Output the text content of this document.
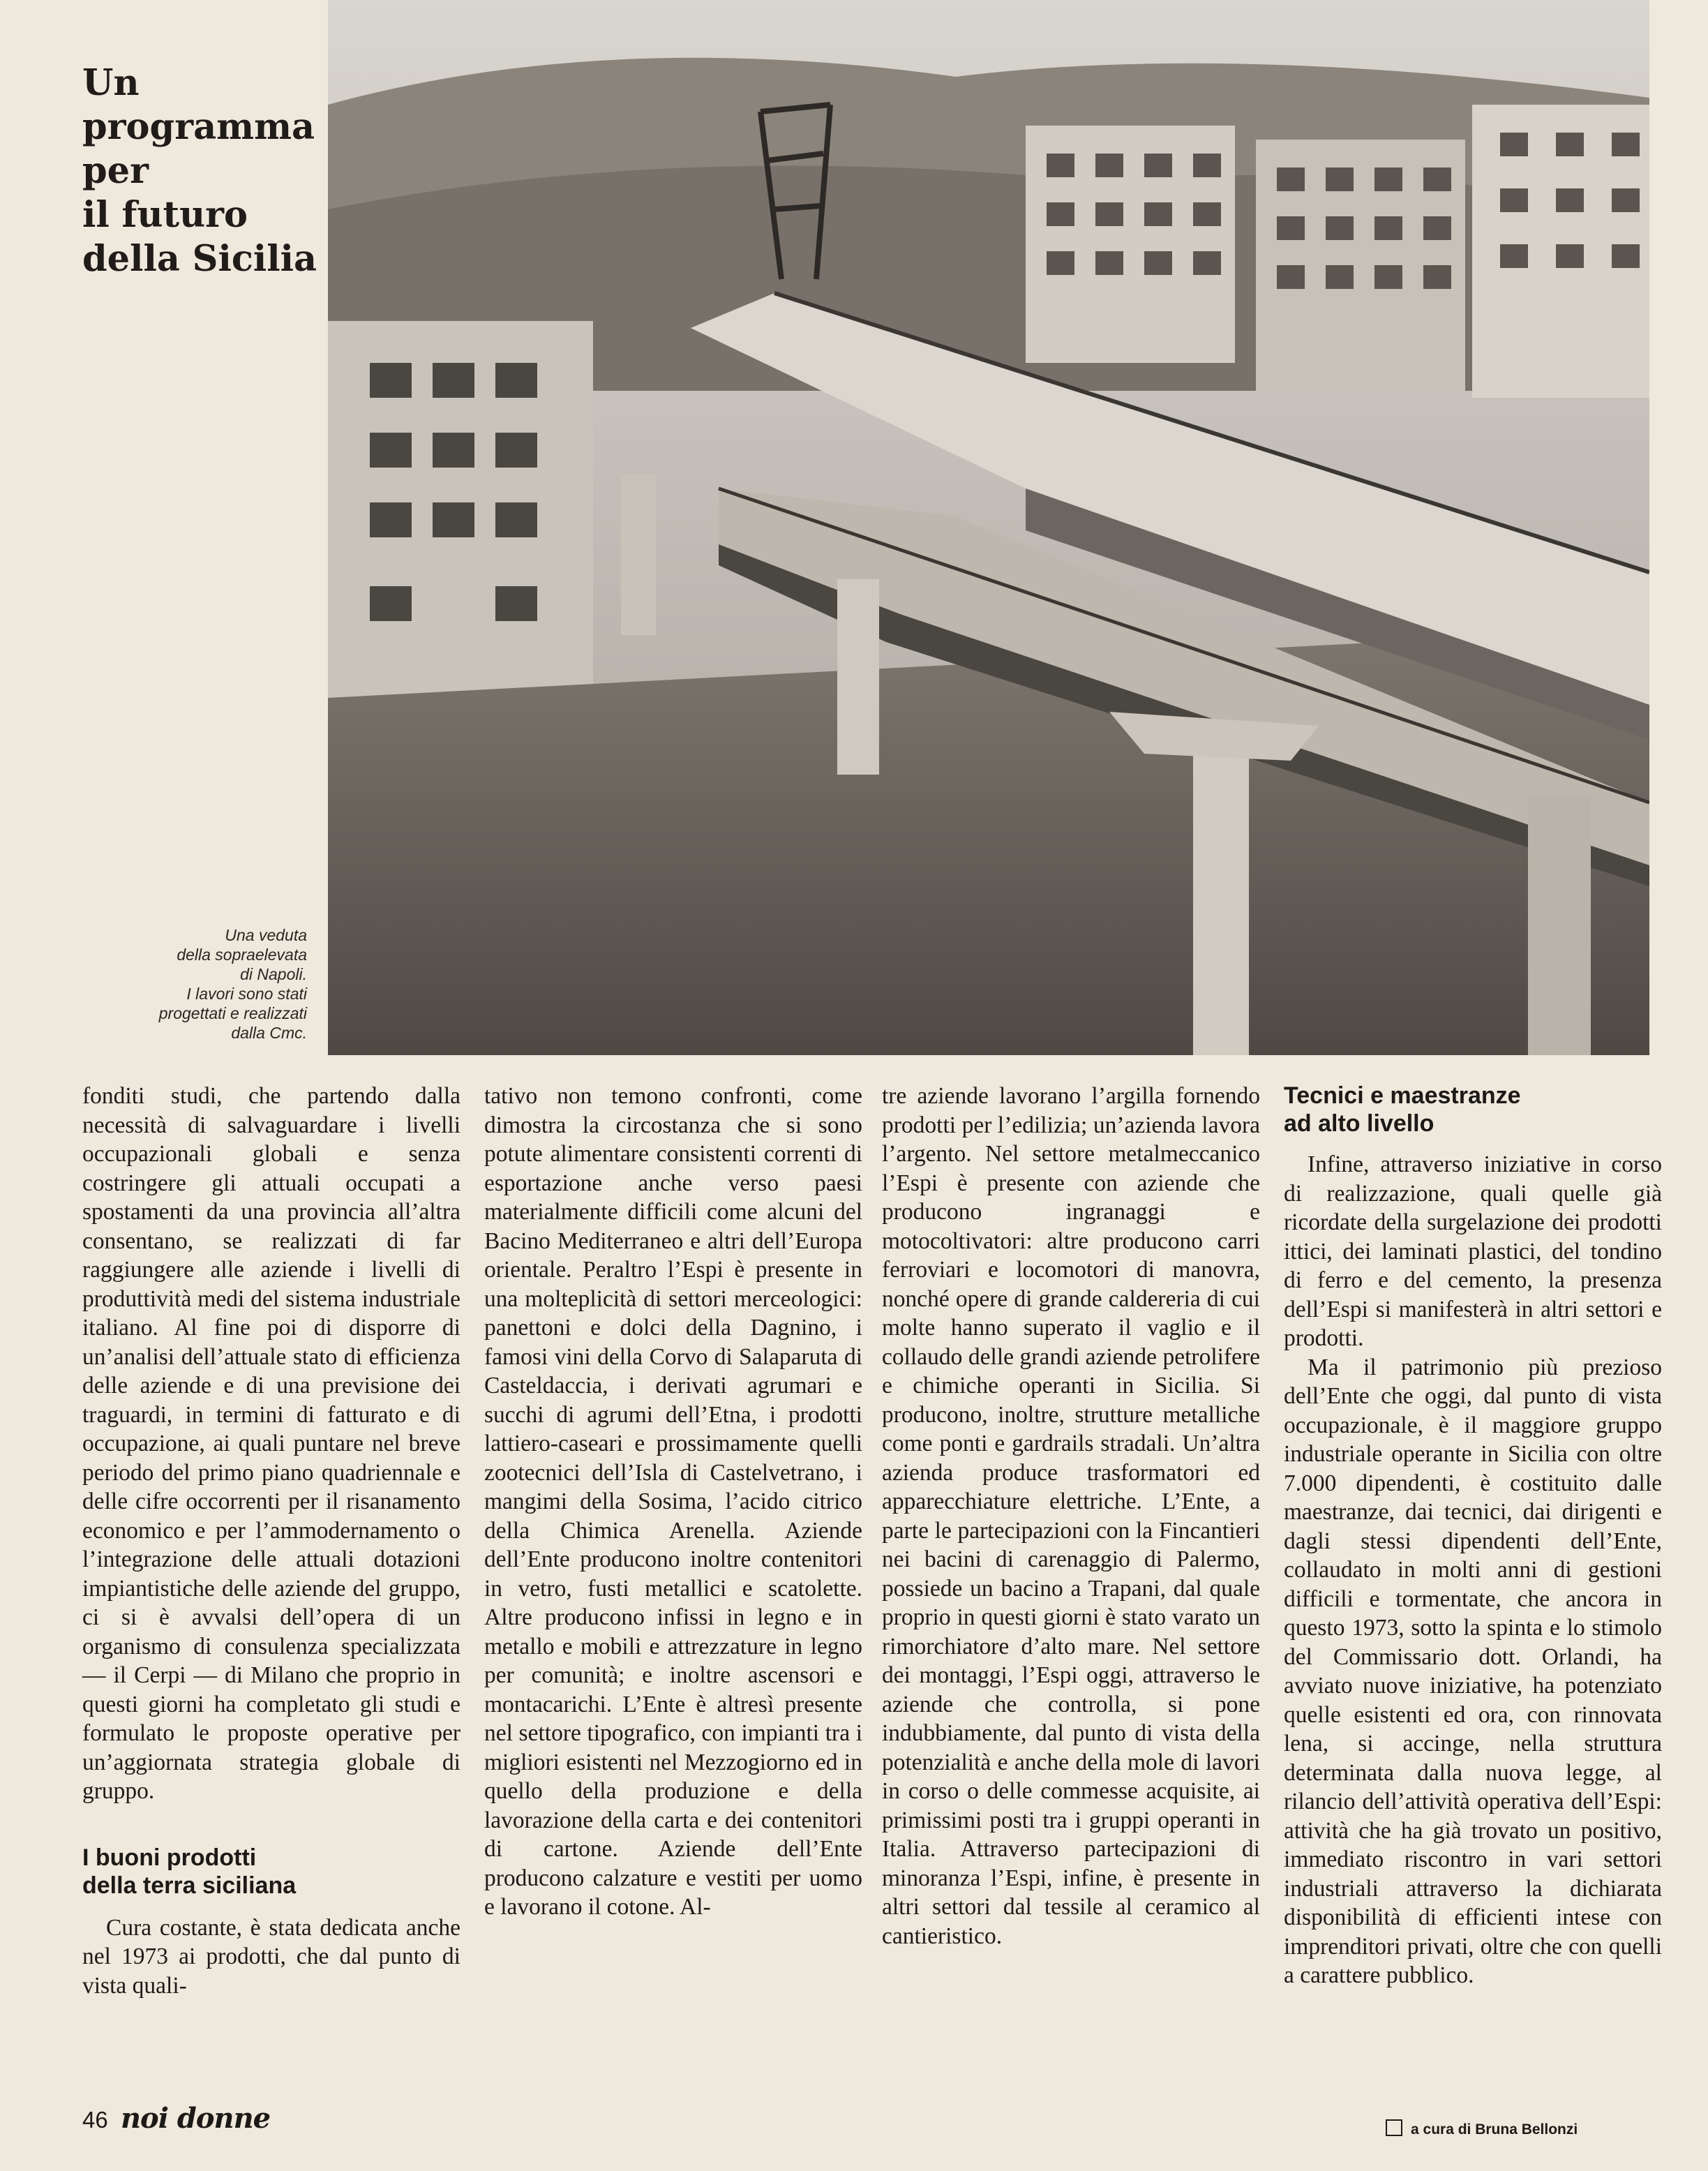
Un
programma
per
il futuro
della Sicilia
Una veduta
della sopraelevata
di Napoli.
I lavori sono stati
progettati e realizzati
dalla Cmc.

fonditi studi, che partendo dalla necessità di salvaguardare i livelli occupazionali globali e senza costringere gli attuali occupati a spostamenti da una provincia all’altra consentano, se realizzati di far raggiungere alle aziende i livelli di produttività medi del sistema industriale italiano. Al fine poi di disporre di un’analisi dell’attuale stato di efficienza delle aziende e di una previsione dei traguardi, in termini di fatturato e di occupazione, ai quali puntare nel breve periodo del primo piano quadriennale e delle cifre occorrenti per il risanamento economico e per l’ammodernamento o l’integrazione delle attuali dotazioni impiantistiche delle aziende del gruppo, ci si è avvalsi dell’opera di un organismo di consulenza specializzata — il Cerpi — di Milano che proprio in questi giorni ha completato gli studi e formulato le proposte operative per un’aggiornata strategia globale di gruppo.

I buoni prodotti
della terra siciliana

Cura costante, è stata dedicata anche nel 1973 ai prodotti, che dal punto di vista quali-

tativo non temono confronti, come dimostra la circostanza che si sono potute alimentare consistenti correnti di esportazione anche verso paesi materialmente difficili come alcuni del Bacino Mediterraneo e altri dell’Europa orientale. Peraltro l’Espi è presente in una molteplicità di settori merceologici: panettoni e dolci della Dagnino, i famosi vini della Corvo di Salaparuta di Casteldaccia, i derivati agrumari e succhi di agrumi dell’Etna, i prodotti lattiero-caseari e prossimamente quelli zootecnici dell’Isla di Castelvetrano, i mangimi della Sosima, l’acido citrico della Chimica Arenella. Aziende dell’Ente producono inoltre contenitori in vetro, fusti metallici e scatolette. Altre producono infissi in legno e in metallo e mobili e attrezzature in legno per comunità; e inoltre ascensori e montacarichi. L’Ente è altresì presente nel settore tipografico, con impianti tra i migliori esistenti nel Mezzogiorno ed in quello della produzione e della lavorazione della carta e dei contenitori di cartone. Aziende dell’Ente producono calzature e vestiti per uomo e lavorano il cotone. Al-

tre aziende lavorano l’argilla fornendo prodotti per l’edilizia; un’azienda lavora l’argento. Nel settore metalmeccanico l’Espi è presente con aziende che producono ingranaggi e motocoltivatori: altre producono carri ferroviari e locomotori di manovra, nonché opere di grande caldereria di cui molte hanno superato il vaglio e il collaudo delle grandi aziende petrolifere e chimiche operanti in Sicilia. Si producono, inoltre, strutture metalliche come ponti e gardrails stradali. Un’altra azienda produce trasformatori ed apparecchiature elettriche. L’Ente, a parte le partecipazioni con la Fincantieri nei bacini di carenaggio di Palermo, possiede un bacino a Trapani, dal quale proprio in questi giorni è stato varato un rimorchiatore d’alto mare. Nel settore dei montaggi, l’Espi oggi, attraverso le aziende che controlla, si pone indubbiamente, dal punto di vista della potenzialità e anche della mole di lavori in corso o delle commesse acquisite, ai primissimi posti tra i gruppi operanti in Italia. Attraverso partecipazioni di minoranza l’Espi, infine, è presente in altri settori dal tessile al ceramico al cantieristico.

Tecnici e maestranze
ad alto livello

Infine, attraverso iniziative in corso di realizzazione, quali quelle già ricordate della surgelazione dei prodotti ittici, dei laminati plastici, del tondino di ferro e del cemento, la presenza dell’Espi si manifesterà in altri settori e prodotti.

Ma il patrimonio più prezioso dell’Ente che oggi, dal punto di vista occupazionale, è il maggiore gruppo industriale operante in Sicilia con oltre 7.000 dipendenti, è costituito dalle maestranze, dai tecnici, dai dirigenti e dagli stessi dipendenti dell’Ente, collaudato in molti anni di gestioni difficili e tormentate, che ancora in questo 1973, sotto la spinta e lo stimolo del Commissario dott. Orlandi, ha avviato nuove iniziative, ha potenziato quelle esistenti ed ora, con rinnovata lena, si accinge, nella struttura determinata dalla nuova legge, al rilancio dell’attività operativa dell’Espi: attività che ha già trovato un positivo, immediato riscontro in vari settori industriali attraverso la dichiarata disponibilità di efficienti intese con imprenditori privati, oltre che con quelli a carattere pubblico.

a cura di Bruna Bellonzi
46 noi donne
